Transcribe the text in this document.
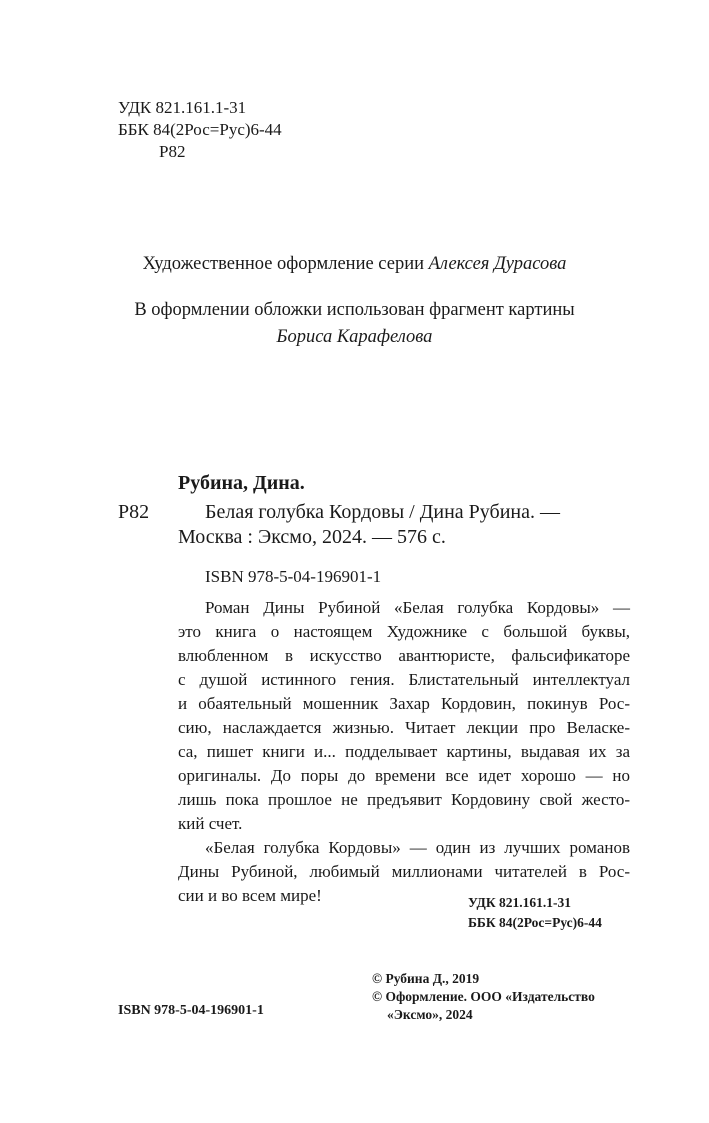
УДК 821.161.1-31
ББК 84(2Рос=Рус)6-44
Р82
Художественное оформление серии Алексея Дурасова
В оформлении обложки использован фрагмент картины
Бориса Карафелова
Рубина, Дина.
Р82	Белая голубка Кордовы / Дина Рубина. —
Москва : Эксмо, 2024. — 576 с.
ISBN 978-5-04-196901-1
Роман Дины Рубиной «Белая голубка Кордовы» —
это книга о настоящем Художнике с большой буквы,
влюбленном в искусство авантюристе, фальсификаторе
с душой истинного гения. Блистательный интеллектуал
и обаятельный мошенник Захар Кордовин, покинув Рос-
сию, наслаждается жизнью. Читает лекции про Веласке-
са, пишет книги и... подделывает картины, выдавая их за
оригиналы. До поры до времени все идет хорошо — но
лишь пока прошлое не предъявит Кордовину свой жесто-
кий счет.
«Белая голубка Кордовы» — один из лучших романов
Дины Рубиной, любимый миллионами читателей в Рос-
сии и во всем мире!	УДК 821.161.1-31
ББК 84(2Рос=Рус)6-44
© Рубина Д., 2019
© Оформление. ООО «Издательство
«Эксмо», 2024
ISBN 978-5-04-196901-1
